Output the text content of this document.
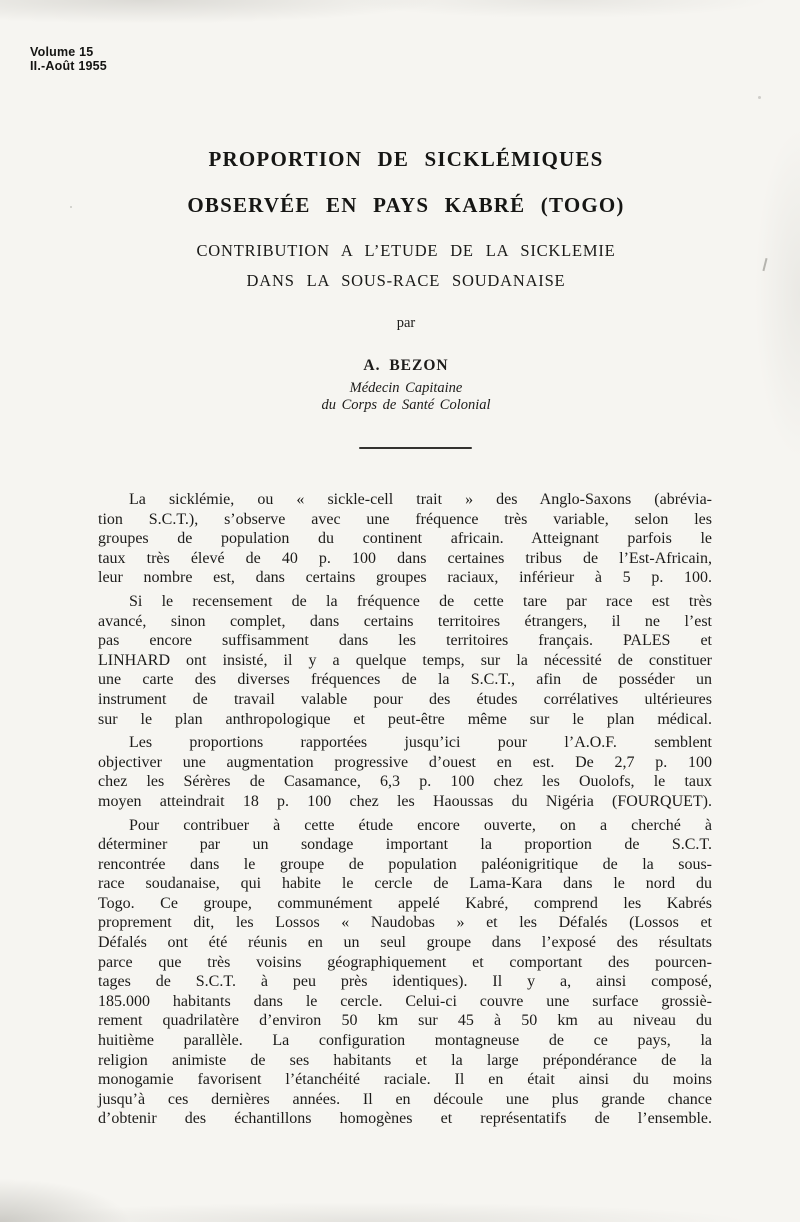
Volume 15
II.-Août 1955
PROPORTION DE SICKLÉMIQUES
OBSERVÉE EN PAYS KABRÉ (TOGO)
CONTRIBUTION A L’ETUDE DE LA SICKLEMIE
DANS LA SOUS-RACE SOUDANAISE
par
A. BEZON
Médecin Capitaine
du Corps de Santé Colonial
La sicklémie, ou « sickle-cell trait » des Anglo-Saxons (abrévia-
tion S.C.T.), s’observe avec une fréquence très variable, selon les
groupes de population du continent africain. Atteignant parfois le
taux très élevé de 40 p. 100 dans certaines tribus de l’Est-Africain,
leur nombre est, dans certains groupes raciaux, inférieur à 5 p. 100.
Si le recensement de la fréquence de cette tare par race est très
avancé, sinon complet, dans certains territoires étrangers, il ne l’est
pas encore suffisamment dans les territoires français. PALES et
LINHARD ont insisté, il y a quelque temps, sur la nécessité de constituer
une carte des diverses fréquences de la S.C.T., afin de posséder un
instrument de travail valable pour des études corrélatives ultérieures
sur le plan anthropologique et peut-être même sur le plan médical.
Les proportions rapportées jusqu’ici pour l’A.O.F. semblent
objectiver une augmentation progressive d’ouest en est. De 2,7 p. 100
chez les Sérères de Casamance, 6,3 p. 100 chez les Ouolofs, le taux
moyen atteindrait 18 p. 100 chez les Haoussas du Nigéria (FOURQUET).
Pour contribuer à cette étude encore ouverte, on a cherché à
déterminer par un sondage important la proportion de S.C.T.
rencontrée dans le groupe de population paléonigritique de la sous-
race soudanaise, qui habite le cercle de Lama-Kara dans le nord du
Togo. Ce groupe, communément appelé Kabré, comprend les Kabrés
proprement dit, les Lossos « Naudobas » et les Défalés (Lossos et
Défalés ont été réunis en un seul groupe dans l’exposé des résultats
parce que très voisins géographiquement et comportant des pourcen-
tages de S.C.T. à peu près identiques). Il y a, ainsi composé,
185.000 habitants dans le cercle. Celui-ci couvre une surface grossiè-
rement quadrilatère d’environ 50 km sur 45 à 50 km au niveau du
huitième parallèle. La configuration montagneuse de ce pays, la
religion animiste de ses habitants et la large prépondérance de la
monogamie favorisent l’étanchéité raciale. Il en était ainsi du moins
jusqu’à ces dernières années. Il en découle une plus grande chance
d’obtenir des échantillons homogènes et représentatifs de l’ensemble.
